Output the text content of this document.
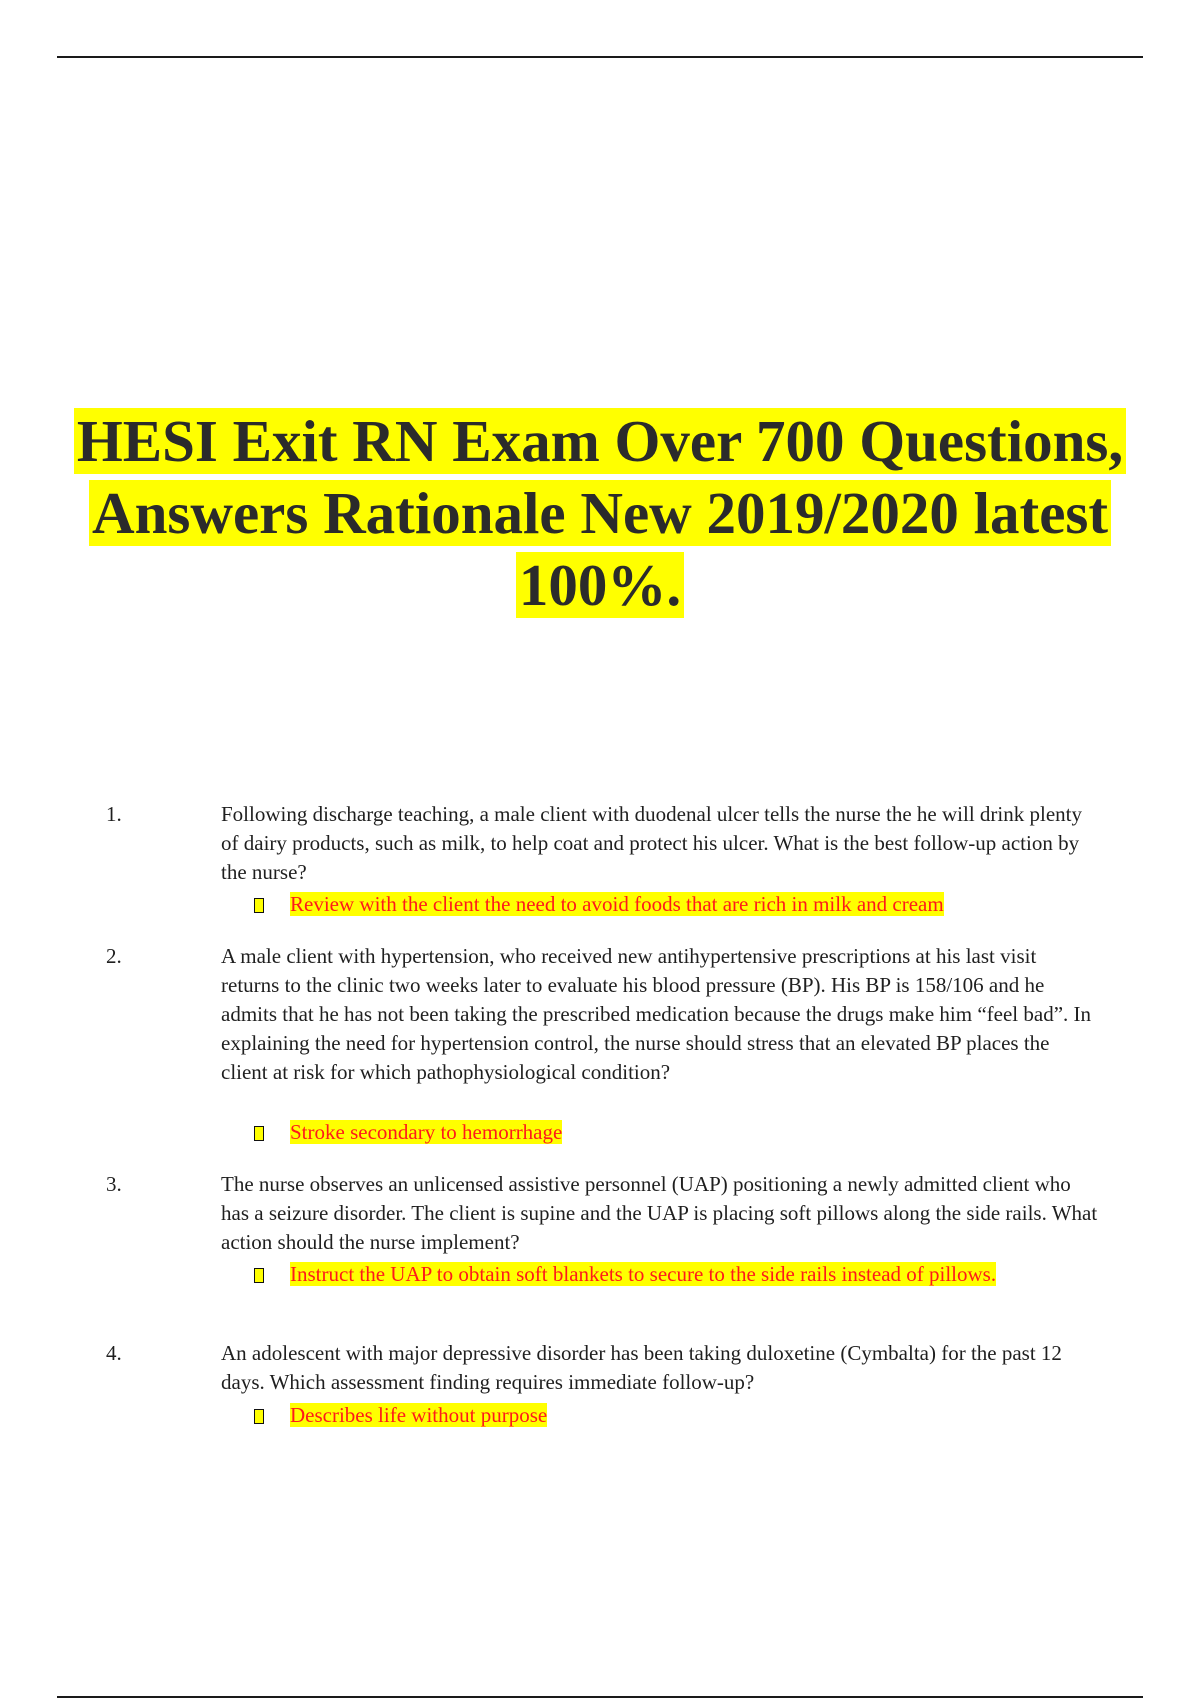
HESI Exit RN Exam Over 700 Questions,
Answers Rationale New 2019/2020 latest
100%.
1.	Following discharge teaching, a male client with duodenal ulcer tells the nurse the he will drink plenty of dairy products, such as milk, to help coat and protect his ulcer. What is the best follow-up action by the nurse?
Review with the client the need to avoid foods that are rich in milk and cream
2.	A male client with hypertension, who received new antihypertensive prescriptions at his last visit returns to the clinic two weeks later to evaluate his blood pressure (BP). His BP is 158/106 and he admits that he has not been taking the prescribed medication because the drugs make him “feel bad”. In explaining the need for hypertension control, the nurse should stress that an elevated BP places the client at risk for which pathophysiological condition?
Stroke secondary to hemorrhage
3.	The nurse observes an unlicensed assistive personnel (UAP) positioning a newly admitted client who has a seizure disorder. The client is supine and the UAP is placing soft pillows along the side rails. What action should the nurse implement?
Instruct the UAP to obtain soft blankets to secure to the side rails instead of pillows.
4.	An adolescent with major depressive disorder has been taking duloxetine (Cymbalta) for the past 12 days. Which assessment finding requires immediate follow-up?
Describes life without purpose
